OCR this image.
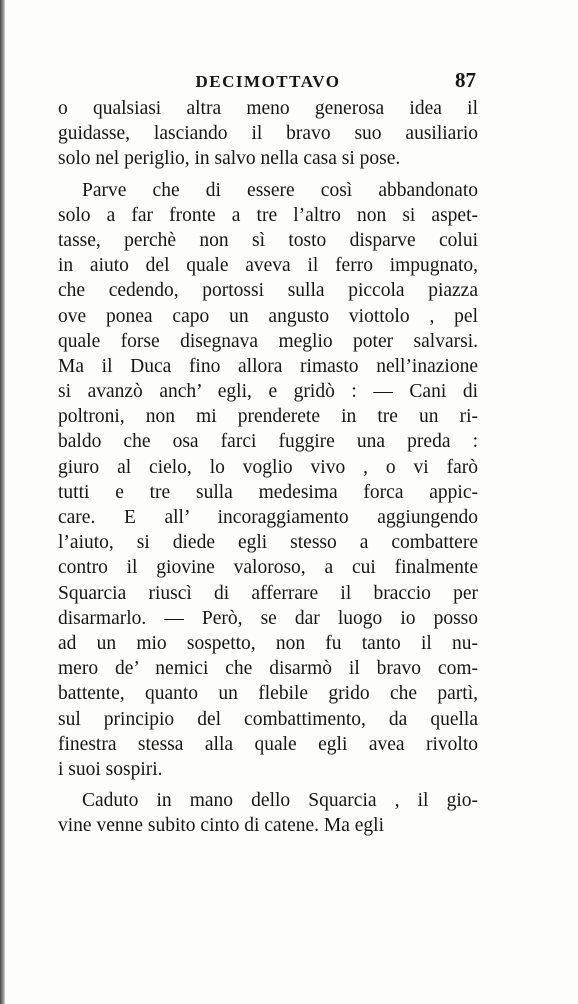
DECIMOTTAVO	87
o qualsiasi altra meno generosa idea il
guidasse, lasciando il bravo suo ausiliario
solo nel periglio, in salvo nella casa si pose.
Parve che di essere così abbandonato
solo a far fronte a tre l’altro non si aspet-
tasse, perchè non sì tosto disparve colui
in aiuto del quale aveva il ferro impugnato,
che cedendo, portossi sulla piccola piazza
ove ponea capo un angusto viottolo , pel
quale forse disegnava meglio poter salvarsi.
Ma il Duca fino allora rimasto nell’inazione
si avanzò anch’ egli, e gridò : — Cani di
poltroni, non mi prenderete in tre un ri-
baldo che osa farci fuggire una preda :
giuro al cielo, lo voglio vivo , o vi farò
tutti e tre sulla medesima forca appic-
care. E all’ incoraggiamento aggiungendo
l’aiuto, si diede egli stesso a combattere
contro il giovine valoroso, a cui finalmente
Squarcia riuscì di afferrare il braccio per
disarmarlo. — Però, se dar luogo io posso
ad un mio sospetto, non fu tanto il nu-
mero de’ nemici che disarmò il bravo com-
battente, quanto un flebile grido che partì,
sul principio del combattimento, da quella
finestra stessa alla quale egli avea rivolto
i suoi sospiri.
Caduto in mano dello Squarcia , il gio-
vine venne subito cinto di catene. Ma egli
